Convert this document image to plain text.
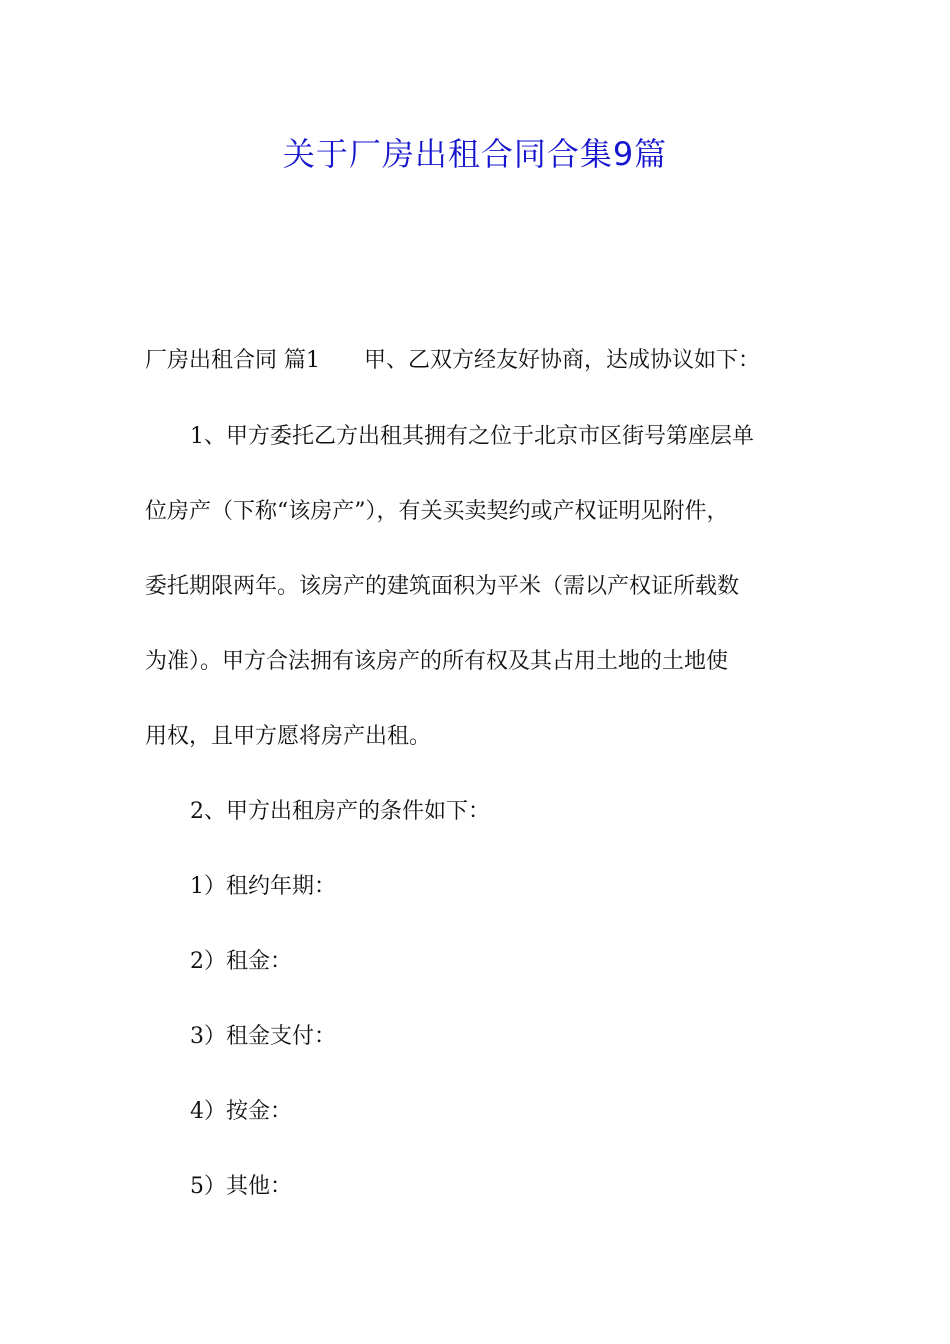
关于厂房出租合同合集9篇

厂房出租合同 篇1 甲、乙双方经友好协商，达成协议如下：

1、甲方委托乙方出租其拥有之位于北京市区街号第座层单

位房产（下称“该房产”），有关买卖契约或产权证明见附件，

委托期限两年。该房产的建筑面积为平米（需以产权证所载数

为准）。甲方合法拥有该房产的所有权及其占用土地的土地使

用权，且甲方愿将房产出租。

2、甲方出租房产的条件如下：

1）租约年期：

2）租金：

3）租金支付：

4）按金：

5）其他：
